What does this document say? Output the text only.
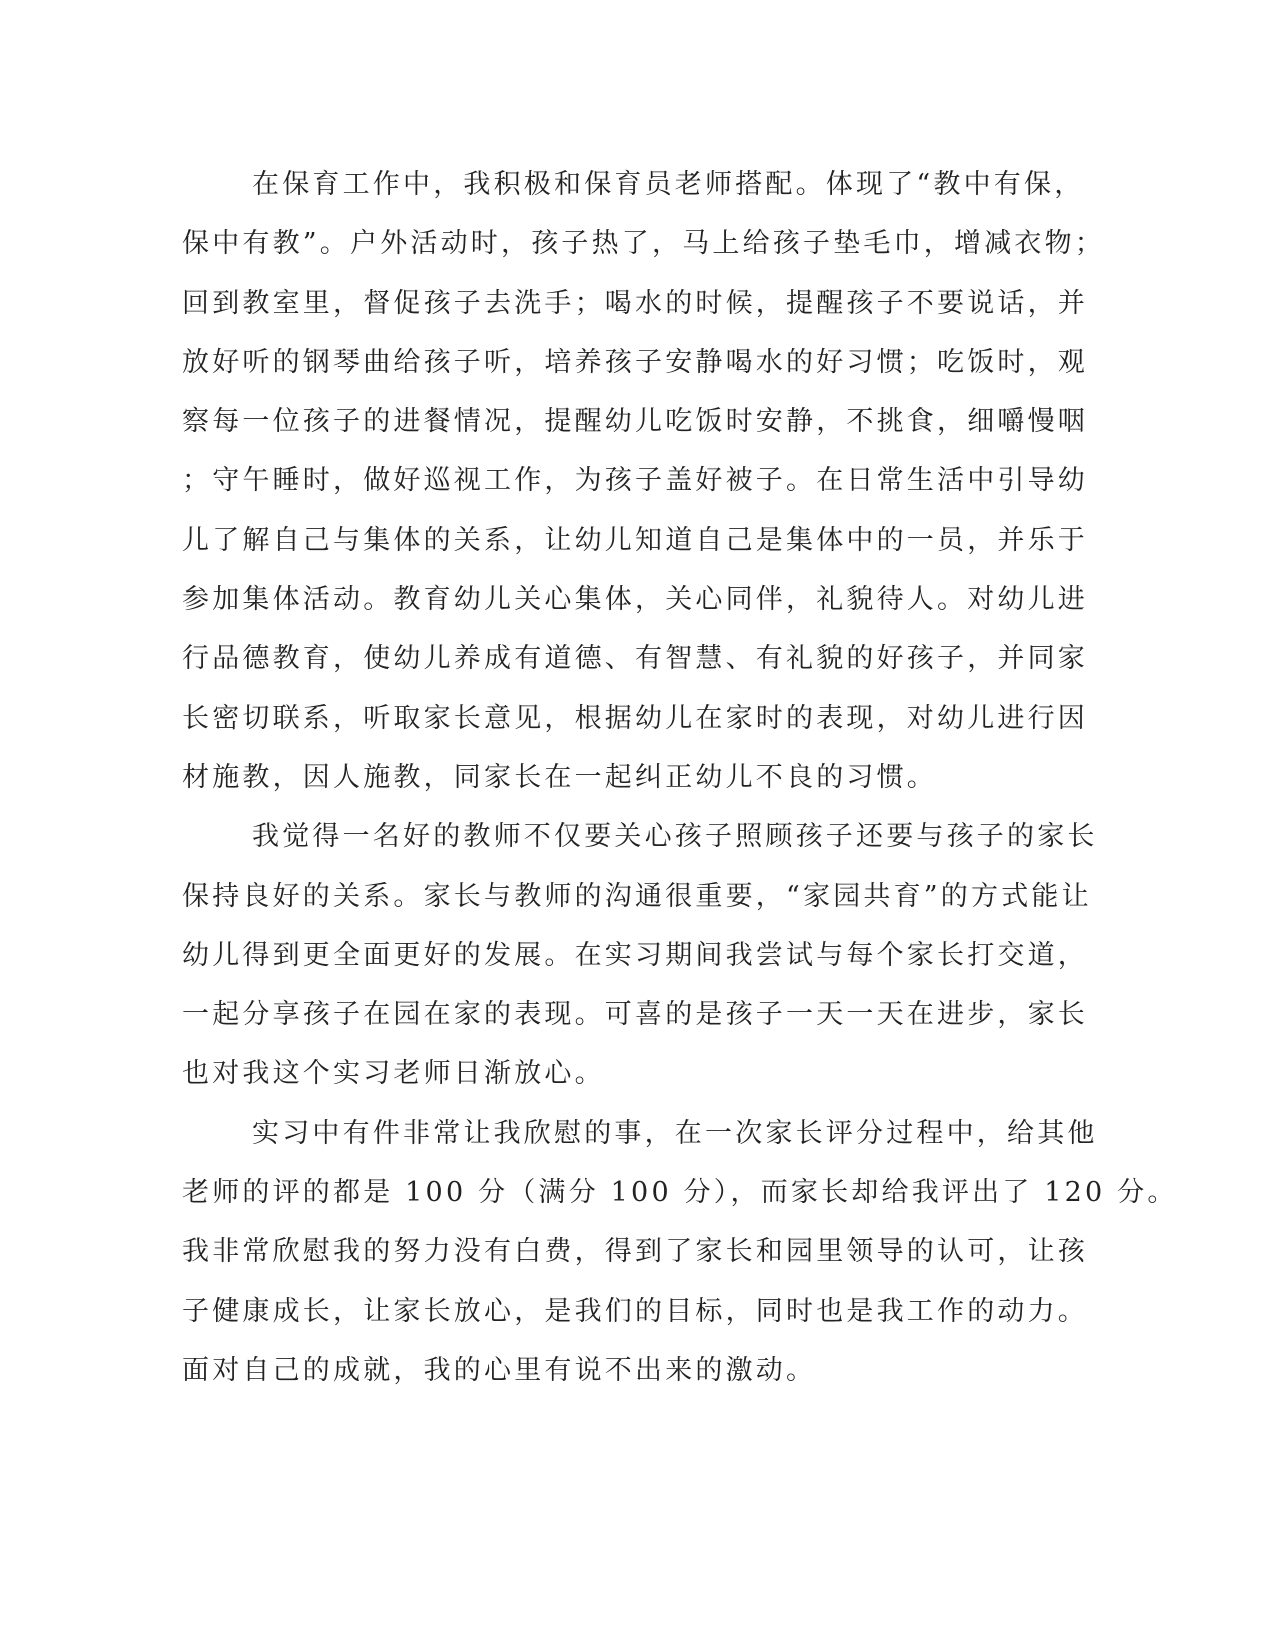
在保育工作中，我积极和保育员老师搭配。体现了“教中有保，
保中有教”。户外活动时，孩子热了，马上给孩子垫毛巾，增减衣物；
回到教室里，督促孩子去洗手；喝水的时候，提醒孩子不要说话，并
放好听的钢琴曲给孩子听，培养孩子安静喝水的好习惯；吃饭时，观
察每一位孩子的进餐情况，提醒幼儿吃饭时安静，不挑食，细嚼慢咽
；守午睡时，做好巡视工作，为孩子盖好被子。在日常生活中引导幼
儿了解自己与集体的关系，让幼儿知道自己是集体中的一员，并乐于
参加集体活动。教育幼儿关心集体，关心同伴，礼貌待人。对幼儿进
行品德教育，使幼儿养成有道德、有智慧、有礼貌的好孩子，并同家
长密切联系，听取家长意见，根据幼儿在家时的表现，对幼儿进行因
材施教，因人施教，同家长在一起纠正幼儿不良的习惯。

我觉得一名好的教师不仅要关心孩子照顾孩子还要与孩子的家长
保持良好的关系。家长与教师的沟通很重要，“家园共育”的方式能让
幼儿得到更全面更好的发展。在实习期间我尝试与每个家长打交道，
一起分享孩子在园在家的表现。可喜的是孩子一天一天在进步，家长
也对我这个实习老师日渐放心。

实习中有件非常让我欣慰的事，在一次家长评分过程中，给其他
老师的评的都是 100 分（满分 100 分），而家长却给我评出了 120 分。
我非常欣慰我的努力没有白费，得到了家长和园里领导的认可，让孩
子健康成长，让家长放心，是我们的目标，同时也是我工作的动力。
面对自己的成就，我的心里有说不出来的激动。
